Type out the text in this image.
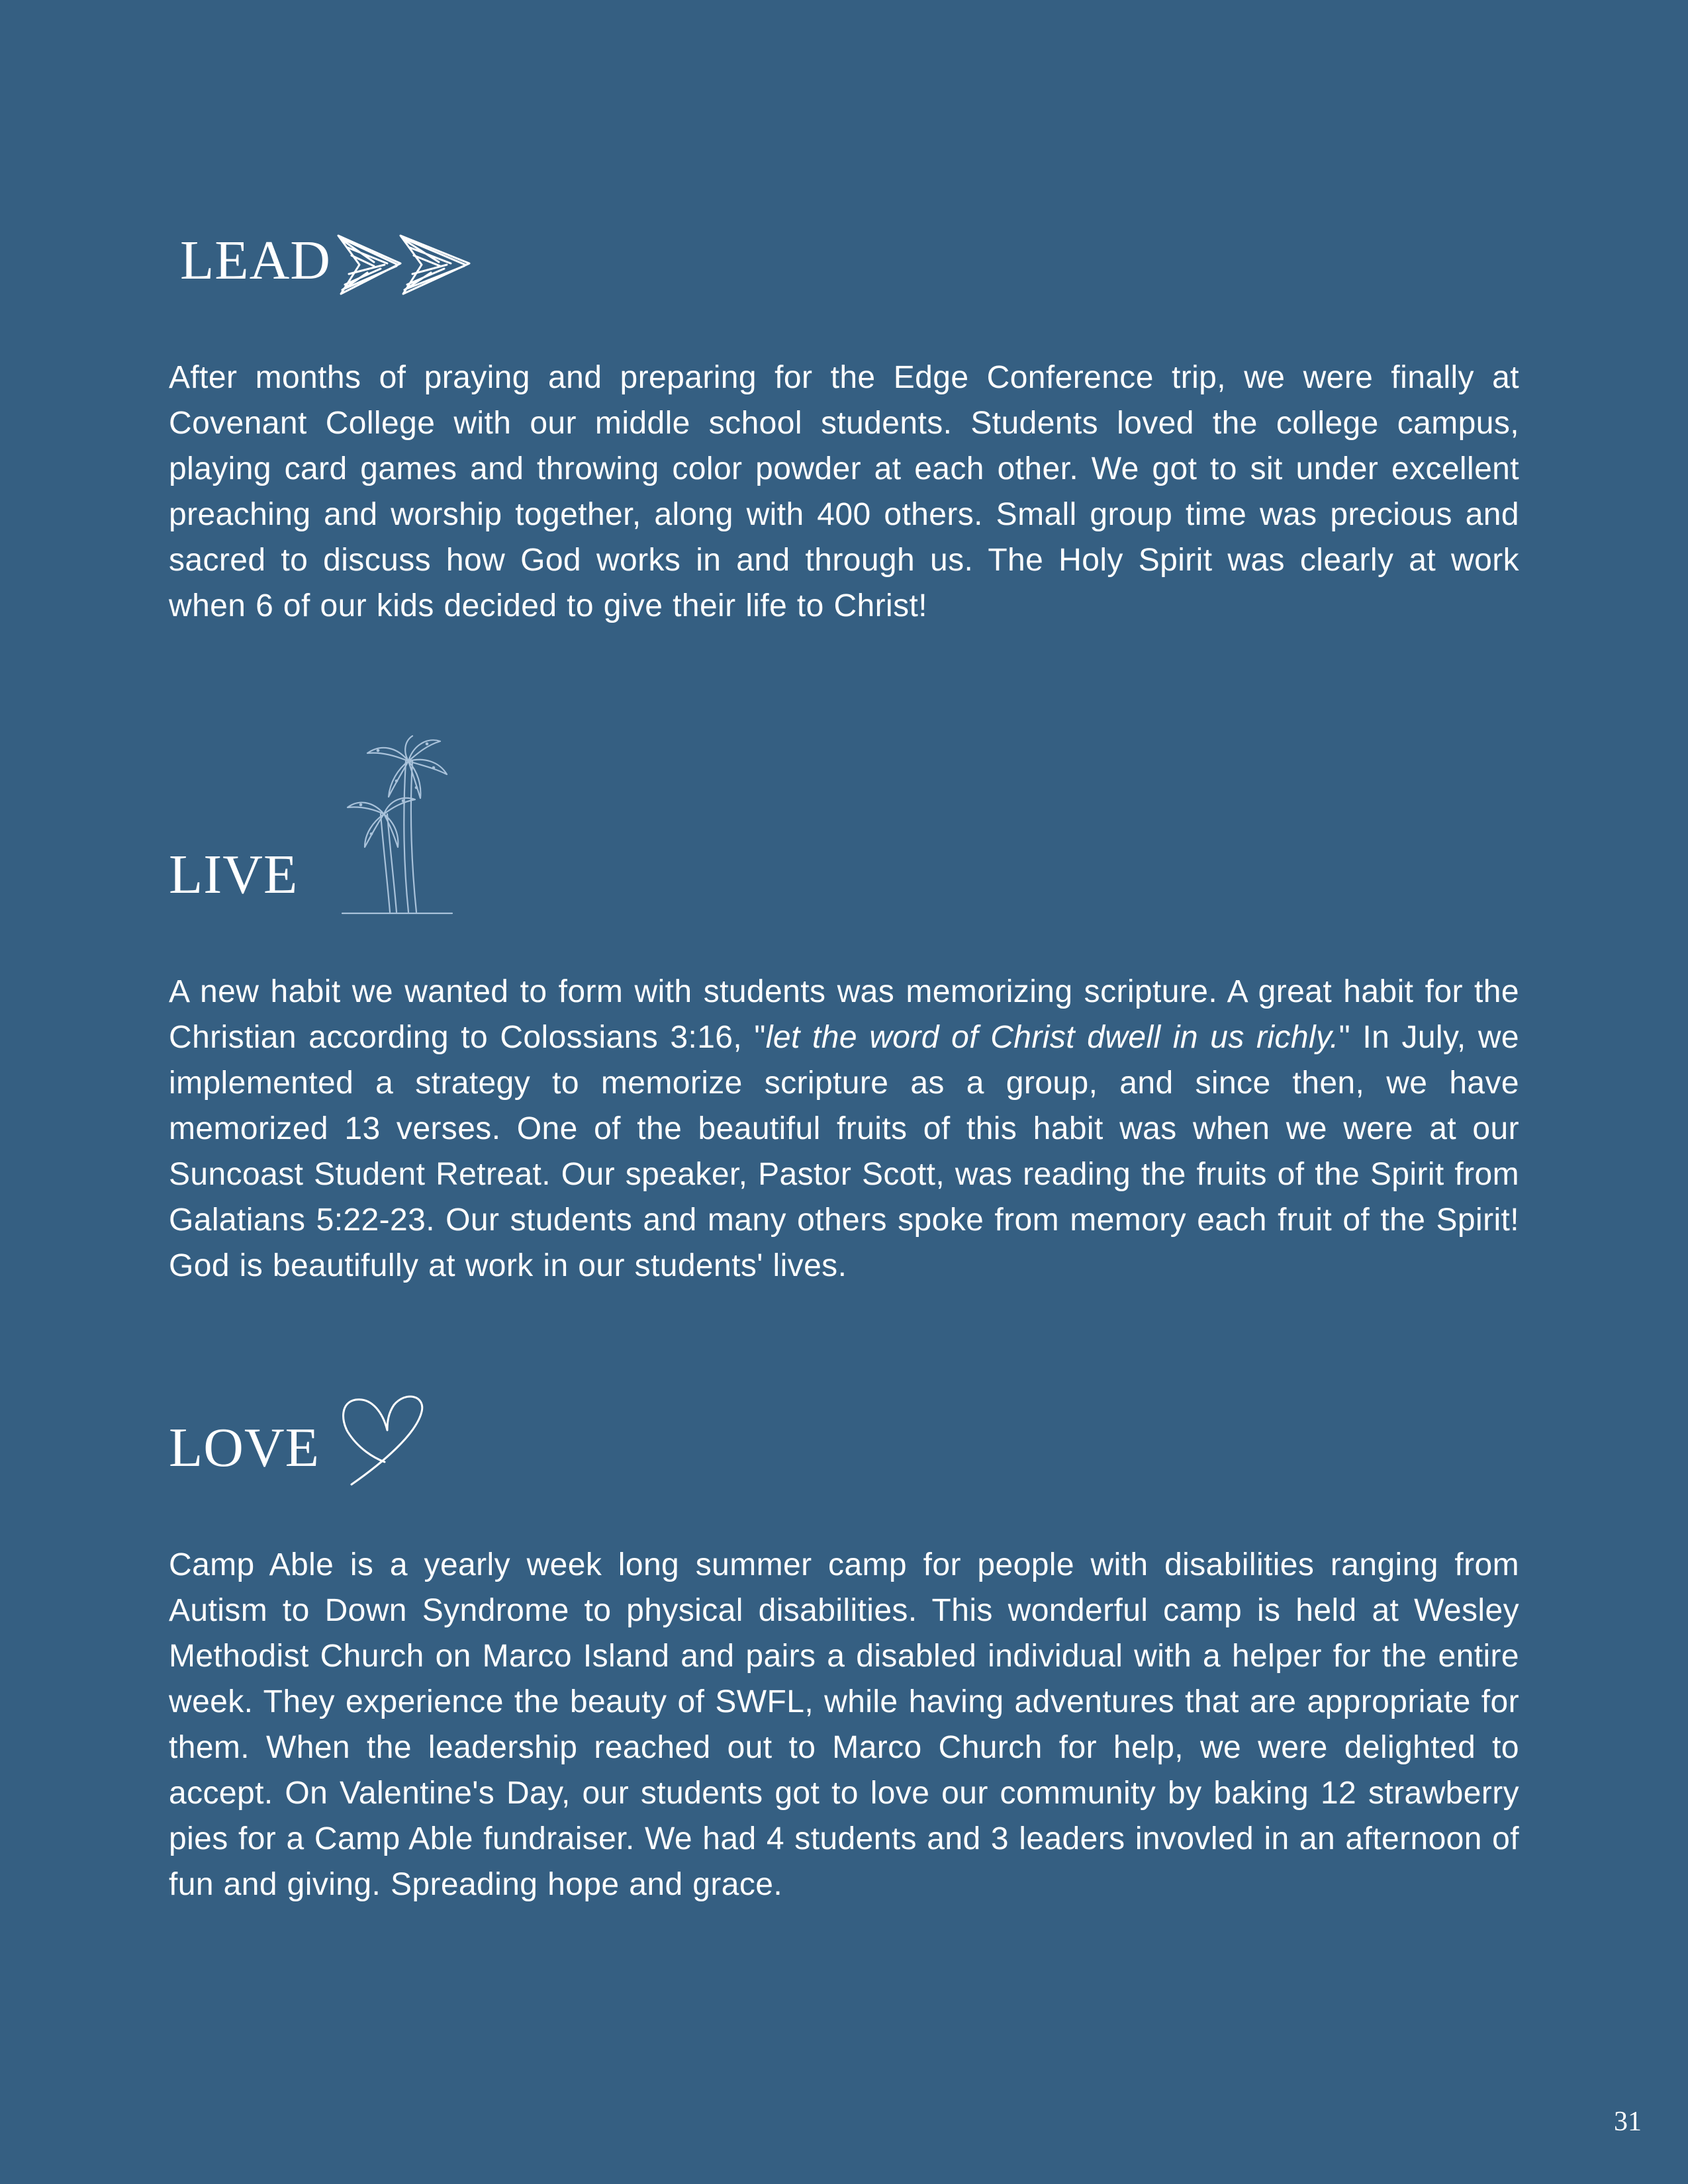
LEAD

After months of praying and preparing for the Edge Conference trip, we were finally at Covenant College with our middle school students. Students loved the college campus, playing card games and throwing color powder at each other. We got to sit under excellent preaching and worship together, along with 400 others. Small group time was precious and sacred to discuss how God works in and through us. The Holy Spirit was clearly at work when 6 of our kids decided to give their life to Christ!

LIVE

A new habit we wanted to form with students was memorizing scripture. A great habit for the Christian according to Colossians 3:16, "let the word of Christ dwell in us richly." In July, we implemented a strategy to memorize scripture as a group, and since then, we have memorized 13 verses. One of the beautiful fruits of this habit was when we were at our Suncoast Student Retreat. Our speaker, Pastor Scott, was reading the fruits of the Spirit from Galatians 5:22-23. Our students and many others spoke from memory each fruit of the Spirit! God is beautifully at work in our students' lives.

LOVE

Camp Able is a yearly week long summer camp for people with disabilities ranging from Autism to Down Syndrome to physical disabilities. This wonderful camp is held at Wesley Methodist Church on Marco Island and pairs a disabled individual with a helper for the entire week. They experience the beauty of SWFL, while having adventures that are appropriate for them. When the leadership reached out to Marco Church for help, we were delighted to accept. On Valentine's Day, our students got to love our community by baking 12 strawberry pies for a Camp Able fundraiser. We had 4 students and 3 leaders invovled in an afternoon of fun and giving. Spreading hope and grace.

31
